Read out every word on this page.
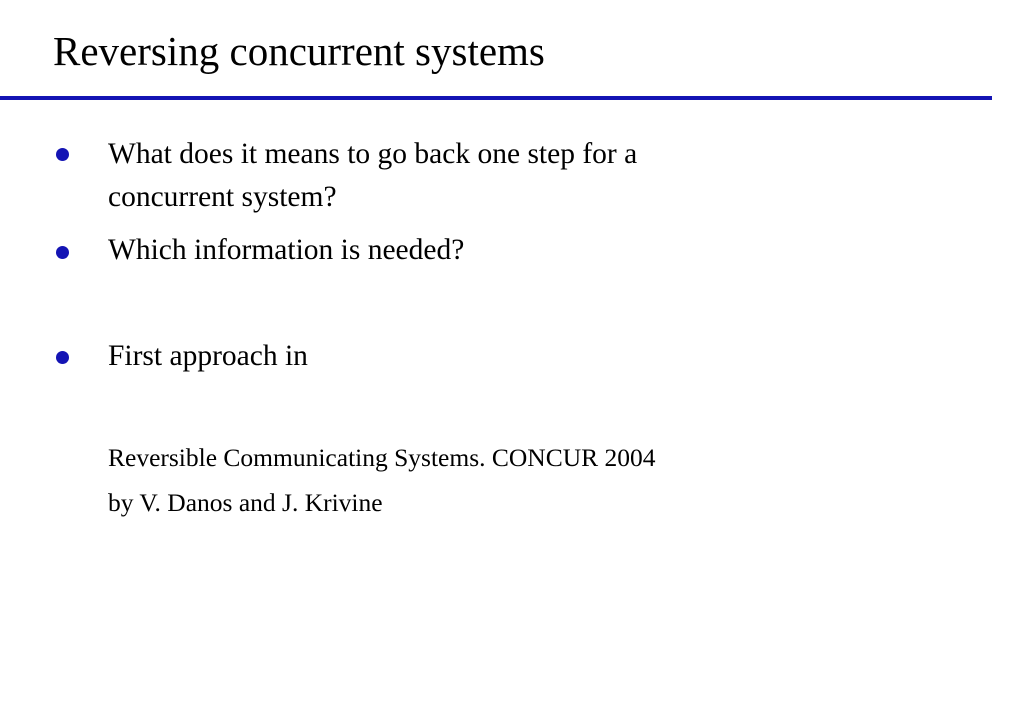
Reversing concurrent systems
What does it means to go back one step for a
concurrent system?
Which information is needed?
First approach in
Reversible Communicating Systems. CONCUR 2004
by V. Danos and J. Krivine
